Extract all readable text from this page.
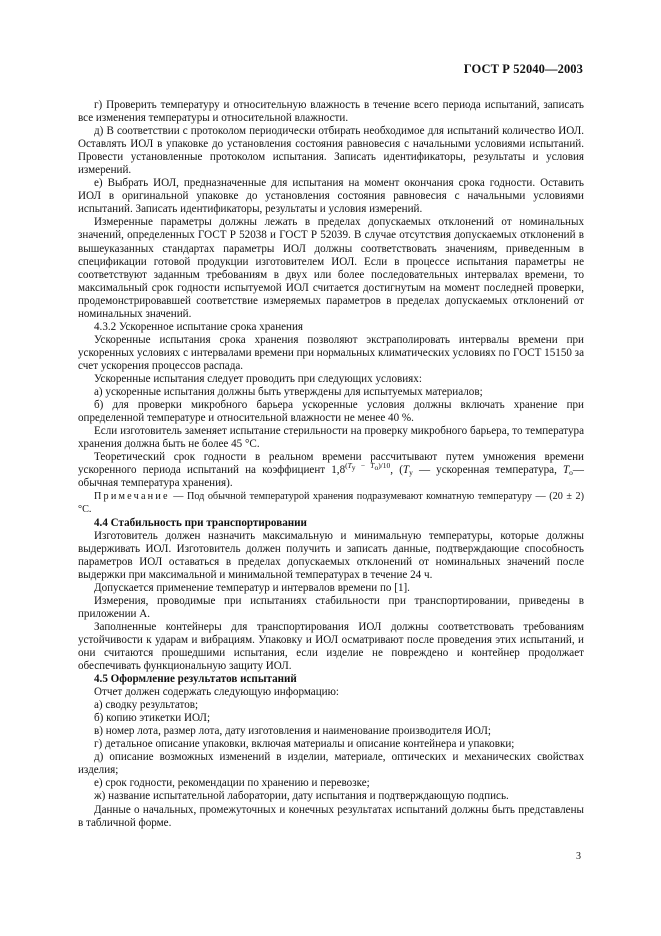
ГОСТ Р 52040—2003

г) Проверить температуру и относительную влажность в течение всего периода испытаний, записать все изменения температуры и относительной влажности.

д) В соответствии с протоколом периодически отбирать необходимое для испытаний количество ИОЛ. Оставлять ИОЛ в упаковке до установления состояния равновесия с начальными условиями испытаний. Провести установленные протоколом испытания. Записать идентификаторы, результаты и условия измерений.

е) Выбрать ИОЛ, предназначенные для испытания на момент окончания срока годности. Оставить ИОЛ в оригинальной упаковке до установления состояния равновесия с начальными условиями испытаний. Записать идентификаторы, результаты и условия измерений.

Измеренные параметры должны лежать в пределах допускаемых отклонений от номинальных значений, определенных ГОСТ Р 52038 и ГОСТ Р 52039. В случае отсутствия допускаемых отклонений в вышеуказанных стандартах параметры ИОЛ должны соответствовать значениям, приведенным в спецификации готовой продукции изготовителем ИОЛ. Если в процессе испытания параметры не соответствуют заданным требованиям в двух или более последовательных интервалах времени, то максимальный срок годности испытуемой ИОЛ считается достигнутым на момент последней проверки, продемонстрировавшей соответствие измеряемых параметров в пределах допускаемых отклонений от номинальных значений.

4.3.2 Ускоренное испытание срока хранения

Ускоренные испытания срока хранения позволяют экстраполировать интервалы времени при ускоренных условиях с интервалами времени при нормальных климатических условиях по ГОСТ 15150 за счет ускорения процессов распада.

Ускоренные испытания следует проводить при следующих условиях:

а) ускоренные испытания должны быть утверждены для испытуемых материалов;

б) для проверки микробного барьера ускоренные условия должны включать хранение при определенной температуре и относительной влажности не менее 40 %.

Если изготовитель заменяет испытание стерильности на проверку микробного барьера, то температура хранения должна быть не более 45 °С.

Теоретический срок годности в реальном времени рассчитывают путем умножения времени ускоренного периода испытаний на коэффициент $1,8^{(T_у - T_о)/10}$, ($T_у$ — ускоренная температура, $T_о—$ обычная температура хранения).

Примечание — Под обычной температурой хранения подразумевают комнатную температуру — (20 ± 2) °С.

4.4 Стабильность при транспортировании

Изготовитель должен назначить максимальную и минимальную температуры, которые должны выдерживать ИОЛ. Изготовитель должен получить и записать данные, подтверждающие способность параметров ИОЛ оставаться в пределах допускаемых отклонений от номинальных значений после выдержки при максимальной и минимальной температурах в течение 24 ч.

Допускается применение температур и интервалов времени по [1].

Измерения, проводимые при испытаниях стабильности при транспортировании, приведены в приложении А.

Заполненные контейнеры для транспортирования ИОЛ должны соответствовать требованиям устойчивости к ударам и вибрациям. Упаковку и ИОЛ осматривают после проведения этих испытаний, и они считаются прошедшими испытания, если изделие не повреждено и контейнер продолжает обеспечивать функциональную защиту ИОЛ.

4.5 Оформление результатов испытаний

Отчет должен содержать следующую информацию:

а) сводку результатов;

б) копию этикетки ИОЛ;

в) номер лота, размер лота, дату изготовления и наименование производителя ИОЛ;

г) детальное описание упаковки, включая материалы и описание контейнера и упаковки;

д) описание возможных изменений в изделии, материале, оптических и механических свойствах изделия;

е) срок годности, рекомендации по хранению и перевозке;

ж) название испытательной лаборатории, дату испытания и подтверждающую подпись.

Данные о начальных, промежуточных и конечных результатах испытаний должны быть представлены в табличной форме.

3
